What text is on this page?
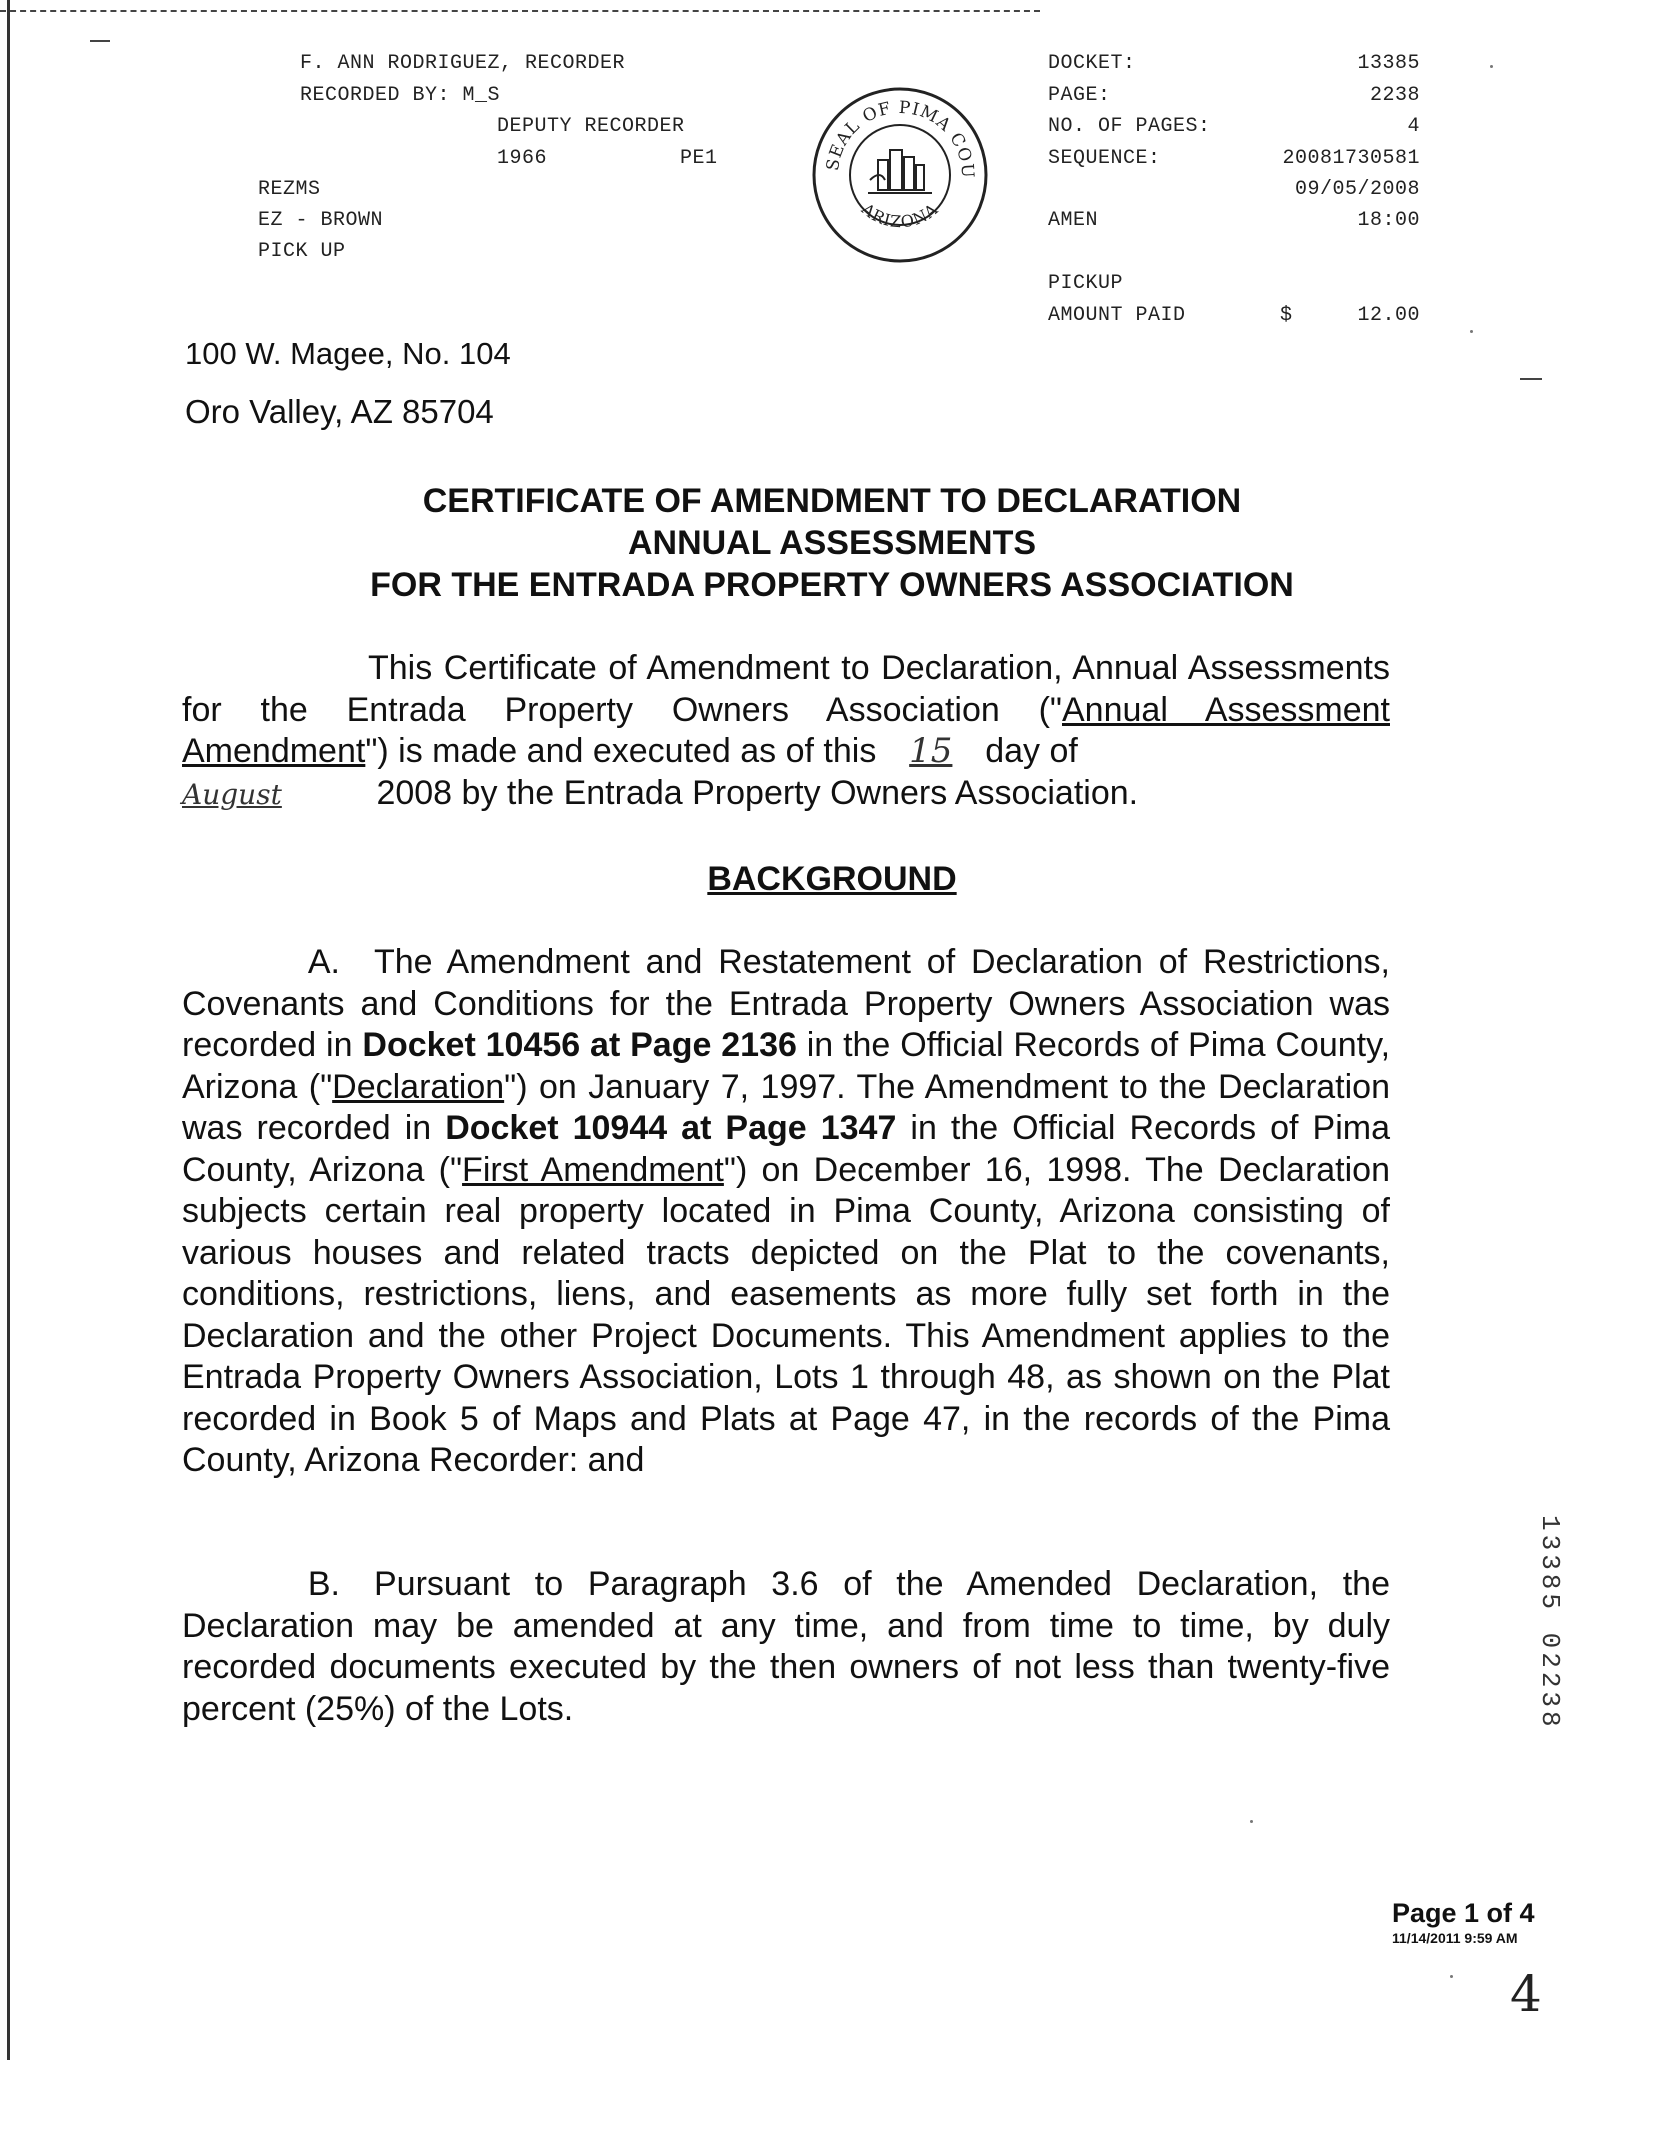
F. ANN RODRIGUEZ, RECORDER
RECORDED BY: M_S
DEPUTY RECORDER
1966	PE1
REZMS
EZ - BROWN
PICK UP
SEAL OF PIMA COU
ARIZONA
DOCKET:	13385
PAGE:	2238
NO. OF PAGES:	4
SEQUENCE:	20081730581
09/05/2008
AMEN	18:00
PICKUP
AMOUNT PAID	$	12.00
100 W. Magee, No. 104
Oro Valley, AZ 85704
CERTIFICATE OF AMENDMENT TO DECLARATION
ANNUAL ASSESSMENTS
FOR THE ENTRADA PROPERTY OWNERS ASSOCIATION
This Certificate of Amendment to Declaration, Annual Assessments for the Entrada Property Owners Association ("Annual Assessment Amendment") is made and executed as of this 15 day of
August	2008 by the Entrada Property Owners Association.
BACKGROUND
A. The Amendment and Restatement of Declaration of Restrictions, Covenants and Conditions for the Entrada Property Owners Association was recorded in Docket 10456 at Page 2136 in the Official Records of Pima County, Arizona ("Declaration") on January 7, 1997. The Amendment to the Declaration was recorded in Docket 10944 at Page 1347 in the Official Records of Pima County, Arizona ("First Amendment") on December 16, 1998. The Declaration subjects certain real property located in Pima County, Arizona consisting of various houses and related tracts depicted on the Plat to the covenants, conditions, restrictions, liens, and easements as more fully set forth in the Declaration and the other Project Documents. This Amendment applies to the Entrada Property Owners Association, Lots 1 through 48, as shown on the Plat recorded in Book 5 of Maps and Plats at Page 47, in the records of the Pima County, Arizona Recorder: and
B. Pursuant to Paragraph 3.6 of the Amended Declaration, the Declaration may be amended at any time, and from time to time, by duly recorded documents executed by the then owners of not less than twenty-five percent (25%) of the Lots.	13385 02238
Page 1 of 4
11/14/2011 9:59 AM
4
